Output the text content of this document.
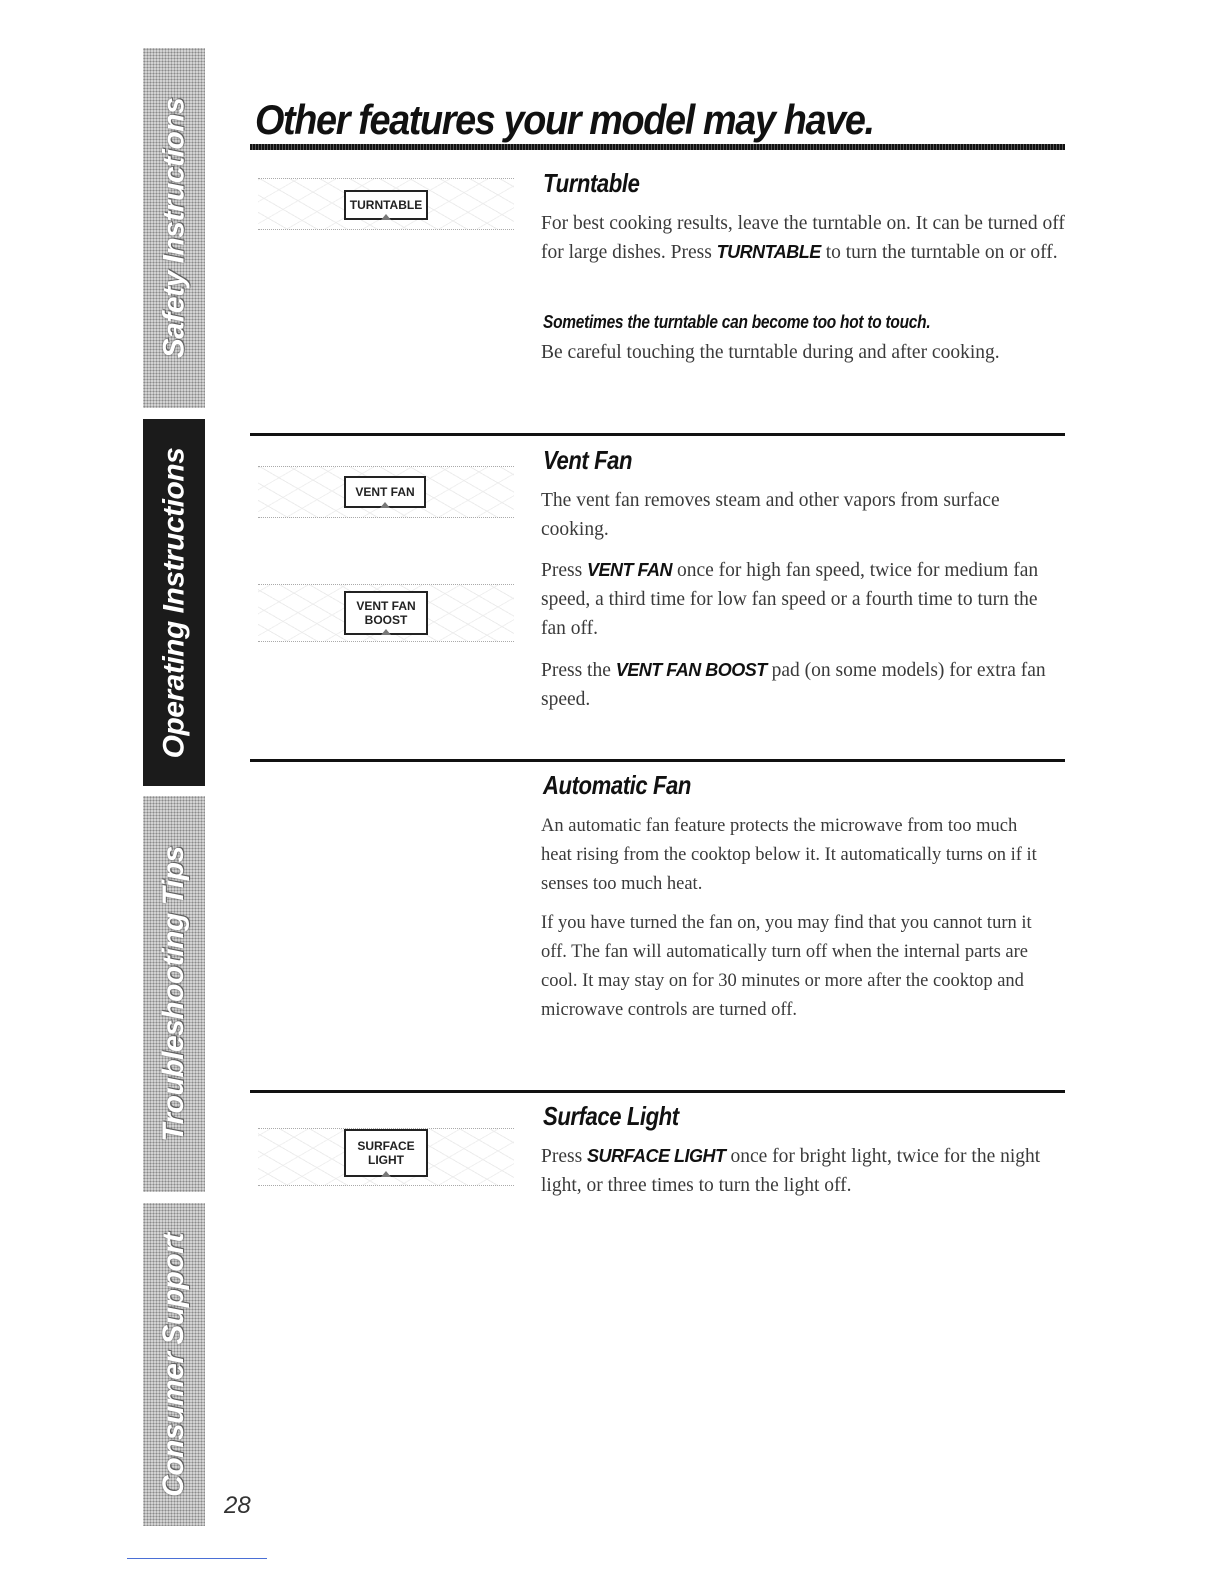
Safety Instructions
Operating Instructions
Troubleshooting Tips
Consumer Support
Other features your model may have.
TURNTABLE
Turntable

For best cooking results, leave the turntable on. It can be turned off for large dishes. Press TURNTABLE to turn the turntable on or off.

Sometimes the turntable can become too hot to touch.

Be careful touching the turntable during and after cooking.

VENT FAN
VENT FAN
BOOST
Vent Fan

The vent fan removes steam and other vapors from surface cooking.

Press VENT FAN once for high fan speed, twice for medium fan speed, a third time for low fan speed or a fourth time to turn the fan off.

Press the VENT FAN BOOST pad (on some models) for extra fan speed.

Automatic Fan

An automatic fan feature protects the microwave from too much heat rising from the cooktop below it. It automatically turns on if it senses too much heat.

If you have turned the fan on, you may find that you cannot turn it off. The fan will automatically turn off when the internal parts are cool. It may stay on for 30 minutes or more after the cooktop and microwave controls are turned off.

SURFACE
LIGHT
Surface Light

Press SURFACE LIGHT once for bright light, twice for the night light, or three times to turn the light off.

28
